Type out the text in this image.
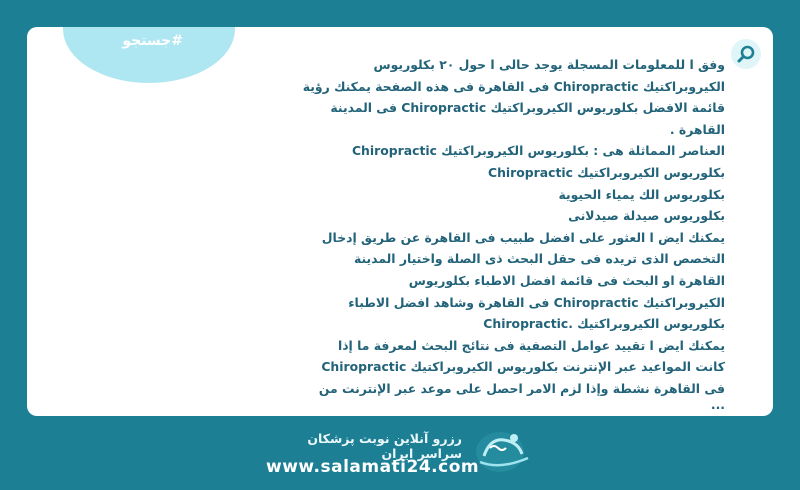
#جستجو
وفق ا للمعلومات المسجلة يوجد حالى ا حول ۲۰ بكلوريوس
الكيروبراكتيك Chiropractic فى القاهرة فى هذه الصفحة يمكنك رؤية
قائمة الافضل بكلوريوس الكيروبراكتيك Chiropractic فى المدينة
القاهرة .
العناصر المماثلة هى : بكلوريوس الكيروبراكتيك Chiropractic
بكلوريوس الكيروبراكتيك Chiropractic
بكلوريوس الك يمياء الحيوية
بكلوريوس صيدلة صيدلانى
يمكنك ايض ا العثور على افضل طبيب فى القاهرة عن طريق إدخال
التخصص الذى تريده فى حقل البحث ذى الصلة واختيار المدينة
القاهرة او البحث فى قائمة افضل الاطباء بكلوريوس
الكيروبراكتيك Chiropractic فى القاهرة وشاهد افضل الاطباء
بكلوريوس الكيروبراكتيك .Chiropractic
يمكنك ايض ا تقييد عوامل التصفية فى نتائج البحث لمعرفة ما إذا
كانت المواعيد عبر الإنترنت بكلوريوس الكيروبراكتيك Chiropractic
فى القاهرة نشطة وإذا لزم الامر احصل على موعد عبر الإنترنت من
...
رزرو آنلاین نوبت پزشکان سراسر ایران
www.salamati24.com
